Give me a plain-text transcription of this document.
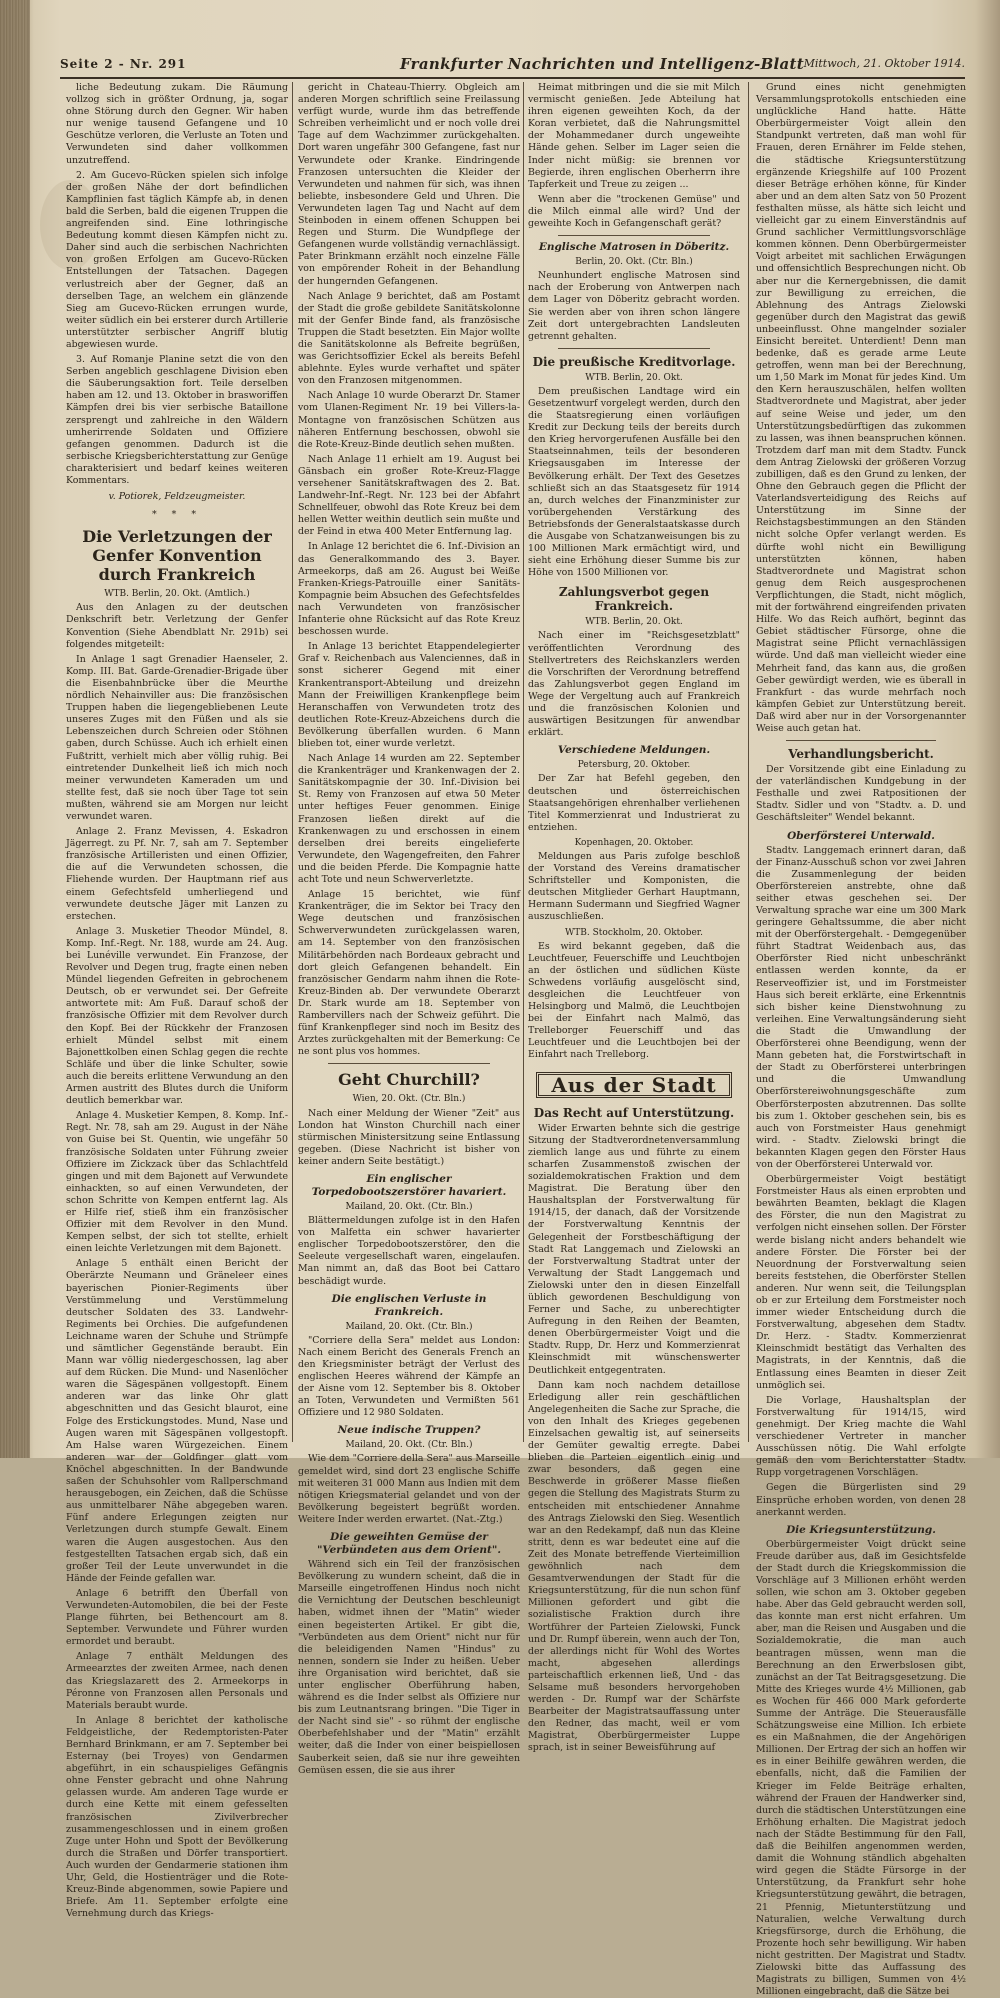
Seite 2 - Nr. 291	Frankfurter Nachrichten und Intelligenz-Blatt Mittwoch, 21. Oktober 1914.

liche Bedeutung zukam. Die Räumung vollzog sich in größter Ordnung, ja, sogar ohne Störung durch den Gegner. Wir haben nur wenige tausend Gefangene und 10 Geschütze verloren, die Verluste an Toten und Verwundeten sind daher vollkommen unzutreffend.

2. Am Gucevo-Rücken spielen sich infolge der großen Nähe der dort befindlichen Kampflinien fast täglich Kämpfe ab, in denen bald die Serben, bald die eigenen Truppen die angreifenden sind. Eine lothringische Bedeutung kommt diesen Kämpfen nicht zu. Daher sind auch die serbischen Nachrichten von großen Erfolgen am Gucevo-Rücken Entstellungen der Tatsachen. Dagegen verlustreich aber der Gegner, daß an derselben Tage, an welchem ein glänzende Sieg am Gucevo-Rücken errungen wurde, weiter südlich ein bei ersterer durch Artillerie unterstützter serbischer Angriff blutig abgewiesen wurde.

3. Auf Romanje Planine setzt die von den Serben angeblich geschlagene Division eben die Säuberungsaktion fort. Teile derselben haben am 12. und 13. Oktober in brasworiffen Kämpfen drei bis vier serbische Bataillone zersprengt und zahlreiche in den Wäldern umherirrende Soldaten und Offiziere gefangen genommen. Dadurch ist die serbische Kriegsberichterstattung zur Genüge charakterisiert und bedarf keines weiteren Kommentars.

v. Potiorek, Feldzeugmeister.

* * *

Die Verletzungen der Genfer Konvention durch Frankreich

WTB. Berlin, 20. Okt. (Amtlich.)

Aus den Anlagen zu der deutschen Denkschrift betr. Verletzung der Genfer Konvention (Siehe Abendblatt Nr. 291b) sei folgendes mitgeteilt:

In Anlage 1 sagt Grenadier Haenseler, 2. Komp. III. Bat. Garde-Grenadier-Brigade über die Eisenbahnbrücke über die Meurthe nördlich Nehainviller aus: Die französischen Truppen haben die liegengebliebenen Leute unseres Zuges mit den Füßen und als sie Lebenszeichen durch Schreien oder Stöhnen gaben, durch Schüsse. Auch ich erhielt einen Fußtritt, verhielt mich aber völlig ruhig. Bei eintretender Dunkelheit ließ ich mich noch meiner verwundeten Kameraden um und stellte fest, daß sie noch über Tage tot sein mußten, während sie am Morgen nur leicht verwundet waren.

Anlage 2. Franz Mevissen, 4. Eskadron Jägerregt. zu Pf. Nr. 7, sah am 7. September französische Artilleristen und einen Offizier, die auf die Verwundeten schossen, die Fliehende wurden. Der Hauptmann rief aus einem Gefechtsfeld umherliegend und verwundete deutsche Jäger mit Lanzen zu erstechen.

Anlage 3. Musketier Theodor Mündel, 8. Komp. Inf.-Regt. Nr. 188, wurde am 24. Aug. bei Lunéville verwundet. Ein Franzose, der Revolver und Degen trug, fragte einen neben Mündel liegenden Gefreiten in gebrochenem Deutsch, ob er verwundet sei. Der Gefreite antwortete mit: Am Fuß. Darauf schoß der französische Offizier mit dem Revolver durch den Kopf. Bei der Rückkehr der Franzosen erhielt Mündel selbst mit einem Bajonettkolben einen Schlag gegen die rechte Schläfe und über die linke Schulter, sowie auch die bereits erlittene Verwundung an den Armen austritt des Blutes durch die Uniform deutlich bemerkbar war.

Anlage 4. Musketier Kempen, 8. Komp. Inf.-Regt. Nr. 78, sah am 29. August in der Nähe von Guise bei St. Quentin, wie ungefähr 50 französische Soldaten unter Führung zweier Offiziere im Zickzack über das Schlachtfeld gingen und mit dem Bajonett auf Verwundete einhackten, so auf einen Verwundeten, der schon Schritte von Kempen entfernt lag. Als er Hilfe rief, stieß ihm ein französischer Offizier mit dem Revolver in den Mund. Kempen selbst, der sich tot stellte, erhielt einen leichte Verletzungen mit dem Bajonett.

Anlage 5 enthält einen Bericht der Oberärzte Neumann und Gräneleer eines bayerischen Pionier-Regiments über Verstümmelung und Verstümmelung deutscher Soldaten des 33. Landwehr-Regiments bei Orchies. Die aufgefundenen Leichname waren der Schuhe und Strümpfe und sämtlicher Gegenstände beraubt. Ein Mann war völlig niedergeschossen, lag aber auf dem Rücken. Die Mund- und Nasenlöcher waren die Sägespänen vollgestopft. Einem anderen war das linke Ohr glatt abgeschnitten und das Gesicht blaurot, eine Folge des Erstickungstodes. Mund, Nase und Augen waren mit Sägespänen vollgestopft. Am Halse waren Würgezeichen. Einem anderen war der Goldfinger glatt vom Knöchel abgeschnitten. In der Bandwunde saßen der Schuhsohler vom Rallperschmand herausgebogen, ein Zeichen, daß die Schüsse aus unmittelbarer Nähe abgegeben waren. Fünf andere Erlegungen zeigten nur Verletzungen durch stumpfe Gewalt. Einem waren die Augen ausgestochen. Aus den festgestellten Tatsachen ergab sich, daß ein großer Teil der Leute unverwundet in die Hände der Feinde gefallen war.

Anlage 6 betrifft den Überfall von Verwundeten-Automobilen, die bei der Feste Plange führten, bei Bethencourt am 8. September. Verwundete und Führer wurden ermordet und beraubt.

Anlage 7 enthält Meldungen des Armeearztes der zweiten Armee, nach denen das Kriegslazarett des 2. Armeekorps in Péronne von Franzosen allen Personals und Materials beraubt wurde.

In Anlage 8 berichtet der katholische Feldgeistliche, der Redemptoristen-Pater Bernhard Brinkmann, er am 7. September bei Esternay (bei Troyes) von Gendarmen abgeführt, in ein schauspieliges Gefängnis ohne Fenster gebracht und ohne Nahrung gelassen wurde. Am anderen Tage wurde er durch eine Kette mit einem gefesselten französischen Zivilverbrecher zusammengeschlossen und in einem großen Zuge unter Hohn und Spott der Bevölkerung durch die Straßen und Dörfer transportiert. Auch wurden der Gendarmerie stationen ihm Uhr, Geld, die Hostienträger und die Rote-Kreuz-Binde abgenommen, sowie Papiere und Briefe. Am 11. September erfolgte eine Vernehmung durch das Kriegs-

gericht in Chateau-Thierry. Obgleich am anderen Morgen schriftlich seine Freilassung verfügt wurde, wurde ihm das betreffende Schreiben verheimlicht und er noch volle drei Tage auf dem Wachzimmer zurückgehalten. Dort waren ungefähr 300 Gefangene, fast nur Verwundete oder Kranke. Eindringende Franzosen untersuchten die Kleider der Verwundeten und nahmen für sich, was ihnen beliebte, insbesondere Geld und Uhren. Die Verwundeten lagen Tag und Nacht auf dem Steinboden in einem offenen Schuppen bei Regen und Sturm. Die Wundpflege der Gefangenen wurde vollständig vernachlässigt. Pater Brinkmann erzählt noch einzelne Fälle von empörender Roheit in der Behandlung der hungernden Gefangenen.

Nach Anlage 9 berichtet, daß am Postamt der Stadt die große gebildete Sanitätskolonne mit der Genfer Binde fand, als französische Truppen die Stadt besetzten. Ein Major wollte die Sanitätskolonne als Befreite begrüßen, was Gerichtsoffizier Eckel als bereits Befehl ablehnte. Eyles wurde verhaftet und später von den Franzosen mitgenommen.

Nach Anlage 10 wurde Oberarzt Dr. Stamer vom Ulanen-Regiment Nr. 19 bei Villers-la-Montagne von französischen Schützen aus näheren Entfernung beschossen, obwohl sie die Rote-Kreuz-Binde deutlich sehen mußten.

Nach Anlage 11 erhielt am 19. August bei Gänsbach ein großer Rote-Kreuz-Flagge versehener Sanitätskraftwagen des 2. Bat. Landwehr-Inf.-Regt. Nr. 123 bei der Abfahrt Schnellfeuer, obwohl das Rote Kreuz bei dem hellen Wetter weithin deutlich sein mußte und der Feind in etwa 400 Meter Entfernung lag.

In Anlage 12 berichtet die 6. Inf.-Division an das Generalkommando des 3. Bayer. Armeekorps, daß am 26. August bei Weiße Franken-Kriegs-Patrouille einer Sanitäts-Kompagnie beim Absuchen des Gefechtsfeldes nach Verwundeten von französischer Infanterie ohne Rücksicht auf das Rote Kreuz beschossen wurde.

In Anlage 13 berichtet Etappendelegierter Graf v. Reichenbach aus Valenciennes, daß in sonst sicherer Gegend mit einer Krankentransport-Abteilung und dreizehn Mann der Freiwilligen Krankenpflege beim Heranschaffen von Verwundeten trotz des deutlichen Rote-Kreuz-Abzeichens durch die Bevölkerung überfallen wurden. 6 Mann blieben tot, einer wurde verletzt.

Nach Anlage 14 wurden am 22. September die Krankenträger und Krankenwagen der 2. Sanitätskompagnie der 30. Inf.-Division bei St. Remy von Franzosen auf etwa 50 Meter unter heftiges Feuer genommen. Einige Franzosen ließen direkt auf die Krankenwagen zu und erschossen in einem derselben drei bereits eingelieferte Verwundete, den Wagengefreiten, den Fahrer und die beiden Pferde. Die Kompagnie hatte acht Tote und neun Schwerverletzte.

Anlage 15 berichtet, wie fünf Krankenträger, die im Sektor bei Tracy den Wege deutschen und französischen Schwerverwundeten zurückgelassen waren, am 14. September von den französischen Militärbehörden nach Bordeaux gebracht und dort gleich Gefangenen behandelt. Ein französischer Gendarm nahm ihnen die Rote-Kreuz-Binden ab. Der verwundete Oberarzt Dr. Stark wurde am 18. September von Rambervillers nach der Schweiz geführt. Die fünf Krankenpfleger sind noch im Besitz des Arztes zurückgehalten mit der Bemerkung: Ce ne sont plus vos hommes.

Geht Churchill?

Wien, 20. Okt. (Ctr. Bln.)

Nach einer Meldung der Wiener "Zeit" aus London hat Winston Churchill nach einer stürmischen Ministersitzung seine Entlassung gegeben. (Diese Nachricht ist bisher von keiner andern Seite bestätigt.)

Ein englischer Torpedobootszerstörer havariert.

Mailand, 20. Okt. (Ctr. Bln.)

Blättermeldungen zufolge ist in den Hafen von Malfetta ein schwer havarierter englischer Torpedobootszerstörer, den die Seeleute vergesellschaft waren, eingelaufen. Man nimmt an, daß das Boot bei Cattaro beschädigt wurde.

Die englischen Verluste in Frankreich.

Mailand, 20. Okt. (Ctr. Bln.)

"Corriere della Sera" meldet aus London: Nach einem Bericht des Generals French an den Kriegsminister beträgt der Verlust des englischen Heeres während der Kämpfe an der Aisne vom 12. September bis 8. Oktober an Toten, Verwundeten und Vermißten 561 Offiziere und 12 980 Soldaten.

Neue indische Truppen?

Mailand, 20. Okt. (Ctr. Bln.)

Wie dem "Corriere della Sera" aus Marseille gemeldet wird, sind dort 23 englische Schiffe mit weiteren 31 000 Mann aus Indien mit dem nötigen Kriegsmaterial gelandet und von der Bevölkerung begeistert begrüßt worden. Weitere Inder werden erwartet. (Nat.-Ztg.)

Die geweihten Gemüse der "Verbündeten aus dem Orient".

Während sich ein Teil der französischen Bevölkerung zu wundern scheint, daß die in Marseille eingetroffenen Hindus noch nicht die Vernichtung der Deutschen beschleunigt haben, widmet ihnen der "Matin" wieder einen begeisterten Artikel. Er gibt die, "Verbündeten aus dem Orient" nicht nur für die beleidigenden Namen "Hindus" zu nennen, sondern sie Inder zu heißen. Ueber ihre Organisation wird berichtet, daß sie unter englischer Oberführung haben, während es die Inder selbst als Offiziere nur bis zum Leutnantsrang bringen. "Die Tiger in der Nacht sind sie" - so rühmt der englische Oberbefehlshaber und der "Matin" erzählt weiter, daß die Inder von einer beispiellosen Sauberkeit seien, daß sie nur ihre geweihten Gemüsen essen, die sie aus ihrer

Heimat mitbringen und die sie mit Milch vermischt genießen. Jede Abteilung hat ihren eigenen geweihten Koch, da der Koran verbietet, daß die Nahrungsmittel der Mohammedaner durch ungeweihte Hände gehen. Selber im Lager seien die Inder nicht müßig: sie brennen vor Begierde, ihren englischen Oberherrn ihre Tapferkeit und Treue zu zeigen ...

Wenn aber die "trockenen Gemüse" und die Milch einmal alle wird? Und der geweihte Koch in Gefangenschaft gerät?

Englische Matrosen in Döberitz.

Berlin, 20. Okt. (Ctr. Bln.)

Neunhundert englische Matrosen sind nach der Eroberung von Antwerpen nach dem Lager von Döberitz gebracht worden. Sie werden aber von ihren schon längere Zeit dort untergebrachten Landsleuten getrennt gehalten.

Die preußische Kreditvorlage.

WTB. Berlin, 20. Okt.

Dem preußischen Landtage wird ein Gesetzentwurf vorgelegt werden, durch den die Staatsregierung einen vorläufigen Kredit zur Deckung teils der bereits durch den Krieg hervorgerufenen Ausfälle bei den Staatseinnahmen, teils der besonderen Kriegsausgaben im Interesse der Bevölkerung erhält. Der Text des Gesetzes schließt sich an das Staatsgesetz für 1914 an, durch welches der Finanzminister zur vorübergehenden Verstärkung des Betriebsfonds der Generalstaatskasse durch die Ausgabe von Schatzanweisungen bis zu 100 Millionen Mark ermächtigt wird, und sieht eine Erhöhung dieser Summe bis zur Höhe von 1500 Millionen vor.

Zahlungsverbot gegen Frankreich.

WTB. Berlin, 20. Okt.

Nach einer im "Reichsgesetzblatt" veröffentlichten Verordnung des Stellvertreters des Reichskanzlers werden die Vorschriften der Verordnung betreffend das Zahlungsverbot gegen England im Wege der Vergeltung auch auf Frankreich und die französischen Kolonien und auswärtigen Besitzungen für anwendbar erklärt.

Verschiedene Meldungen.

Petersburg, 20. Oktober.

Der Zar hat Befehl gegeben, den deutschen und österreichischen Staatsangehörigen ehrenhalber verliehenen Titel Kommerzienrat und Industrierat zu entziehen.

Kopenhagen, 20. Oktober.

Meldungen aus Paris zufolge beschloß der Vorstand des Vereins dramatischer Schriftsteller und Komponisten, die deutschen Mitglieder Gerhart Hauptmann, Hermann Sudermann und Siegfried Wagner auszuschließen.

WTB. Stockholm, 20. Oktober.

Es wird bekannt gegeben, daß die Leuchtfeuer, Feuerschiffe und Leuchtbojen an der östlichen und südlichen Küste Schwedens vorläufig ausgelöscht sind, desgleichen die Leuchtfeuer von Helsingborg und Malmö, die Leuchtbojen bei der Einfahrt nach Malmö, das Trelleborger Feuerschiff und das Leuchtfeuer und die Leuchtbojen bei der Einfahrt nach Trelleborg.

Aus der Stadt
Das Recht auf Unterstützung.

Wider Erwarten behnte sich die gestrige Sitzung der Stadtverordnetenversammlung ziemlich lange aus und führte zu einem scharfen Zusammenstoß zwischen der sozialdemokratischen Fraktion und dem Magistrat. Die Beratung über den Haushaltsplan der Forstverwaltung für 1914/15, der danach, daß der Vorsitzende der Forstverwaltung Kenntnis der Gelegenheit der Forstbeschäftigung der Stadt Rat Langgemach und Zielowski an der Forstverwaltung Stadtrat unter der Verwaltung der Stadt Langgemach und Zielowski unter den in diesen Einzelfall üblich gewordenen Beschuldigung von Ferner und Sache, zu unberechtigter Aufregung in den Reihen der Beamten, denen Oberbürgermeister Voigt und die Stadtv. Rupp, Dr. Herz und Kommerzienrat Kleinschmidt mit wünschenswerter Deutlichkeit entgegentraten.

Dann kam noch nachdem detaillose Erledigung aller rein geschäftlichen Angelegenheiten die Sache zur Sprache, die von den Inhalt des Krieges gegebenen Einzelsachen gewaltig ist, auf seinerseits der Gemüter gewaltig erregte. Dabei blieben die Parteien eigentlich einig und zwar besonders, daß gegen eine Beschwerde in größerer Masse fließen gegen die Stellung des Magistrats Sturm zu entscheiden mit entschiedener Annahme des Antrags Zielowski den Sieg. Wesentlich war an den Redekampf, daß nun das Kleine stritt, denn es war bedeutet eine auf die Zeit des Monate betreffende Vierteimillion gewöhnlich nach dem Gesamtverwendungen der Stadt für die Kriegsunterstützung, für die nun schon fünf Millionen gefordert und gibt die sozialistische Fraktion durch ihre Wortführer der Parteien Zielowski, Funck und Dr. Rumpf überein, wenn auch der Ton, der allerdings nicht für Wohl des Wortes macht, abgesehen allerdings parteischaftlich erkennen ließ, Und - das Selsame muß besonders hervorgehoben werden - Dr. Rumpf war der Schärfste Bearbeiter der Magistratsauffassung unter den Redner, das macht, weil er vom Magistrat, Oberbürgermeister Luppe sprach, ist in seiner Beweisführung auf

Grund eines nicht genehmigten Versammlungsprotokolls entschieden eine unglückliche Hand hatte. Hätte Oberbürgermeister Voigt allein den Standpunkt vertreten, daß man wohl für Frauen, deren Ernährer im Felde stehen, die städtische Kriegsunterstützung ergänzende Kriegshilfe auf 100 Prozent dieser Beträge erhöhen könne, für Kinder aber und an dem alten Satz von 50 Prozent festhalten müsse, als hätte sich leicht und vielleicht gar zu einem Einverständnis auf Grund sachlicher Vermittlungsvorschläge kommen können. Denn Oberbürgermeister Voigt arbeitet mit sachlichen Erwägungen und offensichtlich Besprechungen nicht. Ob aber nur die Kernergebnissen, die damit zur Bewilligung zu erreichen, die Ablehnung des Antrags Zielowski gegenüber durch den Magistrat das gewiß unbeeinflusst. Ohne mangelnder sozialer Einsicht bereitet. Unterdient! Denn man bedenke, daß es gerade arme Leute getroffen, wenn man bei der Berechnung, um 1,50 Mark im Monat für jedes Kind. Um den Kern herauszuschälen, helfen wollten Stadtverordnete und Magistrat, aber jeder auf seine Weise und jeder, um den Unterstützungsbedürftigen das zukommen zu lassen, was ihnen beanspruchen können. Trotzdem darf man mit dem Stadtv. Funck dem Antrag Zielowski der größeren Vorzug zubilligen, daß es den Grund zu lenken, der Ohne den Gebrauch gegen die Pflicht der Vaterlandsverteidigung des Reichs auf Unterstützung im Sinne der Reichstagsbestimmungen an den Ständen nicht solche Opfer verlangt werden. Es dürfte wohl nicht ein Bewilligung unterstützten können, haben Stadtverordnete und Magistrat schon genug dem Reich ausgesprochenen Verpflichtungen, die Stadt, nicht möglich, mit der fortwährend eingreifenden privaten Hilfe. Wo das Reich aufhört, beginnt das Gebiet städtischer Fürsorge, ohne die Magistrat seine Pflicht vernachlässigen würde. Und daß man vielleicht wieder eine Mehrheit fand, das kann aus, die großen Geber gewürdigt werden, wie es überall in Frankfurt - das wurde mehrfach noch kämpfen Gebiet zur Unterstützung bereit. Daß wird aber nur in der Vorsorgenannter Weise auch getan hat.

Verhandlungsbericht.

Der Vorsitzende gibt eine Einladung zu der vaterländischen Kundgebung in der Festhalle und zwei Ratpositionen der Stadtv. Sidler und von "Stadtv. a. D. und Geschäftsleiter" Wendel bekannt.

Oberförsterei Unterwald.

Stadtv. Langgemach erinnert daran, daß der Finanz-Ausschuß schon vor zwei Jahren die Zusammenlegung der beiden Oberförstereien anstrebte, ohne daß seither etwas geschehen sei. Der Verwaltung sprache war eine um 300 Mark geringere Gehaltssumme, die aber nicht mit der Oberförstergehalt. - Demgegenüber führt Stadtrat Weidenbach aus, das Oberförster Ried nicht unbeschränkt entlassen werden konnte, da er Reserveoffizier ist, und im Forstmeister Haus sich bereit erklärte, eine Erkenntnis sich bisher keine Dienstwohnung zu verleihen. Eine Verwaltungsänderung sieht die Stadt die Umwandlung der Oberförsterei ohne Beendigung, wenn der Mann gebeten hat, die Forstwirtschaft in der Stadt zu Oberförsterei unterbringen und die Umwandlung Oberförstereiwohnungsgeschäfte zum Oberförsterposten abzutrennen. Das sollte bis zum 1. Oktober geschehen sein, bis es auch von Forstmeister Haus genehmigt wird. - Stadtv. Zielowski bringt die bekannten Klagen gegen den Förster Haus von der Oberförsterei Unterwald vor.

Oberbürgermeister Voigt bestätigt Forstmeister Haus als einen erprobten und bewährten Beamten, beklagt die Klagen des Förster, die nun den Magistrat zu verfolgen nicht einsehen sollen. Der Förster werde bislang nicht anders behandelt wie andere Förster. Die Förster bei der Neuordnung der Forstverwaltung seien bereits feststehen, die Oberförster Stellen anderen. Nur wenn seit, die Teilungsplan ob er zur Erteilung dem Forstmeister noch immer wieder Entscheidung durch die Forstverwaltung, abgesehen dem Stadtv. Dr. Herz. - Stadtv. Kommerzienrat Kleinschmidt bestätigt das Verhalten des Magistrats, in der Kenntnis, daß die Entlassung eines Beamten in dieser Zeit unmöglich sei.

Die Vorlage, Haushaltsplan der Forstverwaltung für 1914/15, wird genehmigt. Der Krieg machte die Wahl verschiedener Vertreter in mancher Ausschüssen nötig. Die Wahl erfolgte gemäß den vom Berichterstatter Stadtv. Rupp vorgetragenen Vorschlägen.

Gegen die Bürgerlisten sind 29 Einsprüche erhoben worden, von denen 28 anerkannt werden.

Die Kriegsunterstützung.

Oberbürgermeister Voigt drückt seine Freude darüber aus, daß im Gesichtsfelde der Stadt durch die Kriegskommission die Vorschläge auf 3 Millionen erhöht werden sollen, wie schon am 3. Oktober gegeben habe. Aber das Geld gebraucht werden soll, das konnte man erst nicht erfahren. Um aber, man die Reisen und Ausgaben und die Sozialdemokratie, die man auch beantragen müssen, wenn man die Berechnung an den Erwerbslosen gibt, zunächst an der Tat Beitragsgesetzung. Die Mitte des Krieges wurde 4½ Millionen, gab es Wochen für 466 000 Mark geforderte Summe der Anträge. Die Steuerausfälle Schätzungsweise eine Million. Ich erbiete es ein Maßnahmen, die der Angehörigen Millionen. Der Ertrag der sich an hoffen wir es in einer Beihilfe gewähren werden, die ebenfalls, nicht, daß die Familien der Krieger im Felde Beiträge erhalten, während der Frauen der Handwerker sind, durch die städtischen Unterstützungen eine Erhöhung erhalten. Die Magistrat jedoch nach der Städte Bestimmung für den Fall, daß die Beihilfen angenommen werden, damit die Wohnung ständlich abgehalten wird gegen die Städte Fürsorge in der Unterstützung, da Frankfurt sehr hohe Kriegsunterstützung gewährt, die betragen, 21 Pfennig, Mietunterstützung und Naturalien, welche Verwaltung durch Kriegsfürsorge, durch die Erhöhung, die Prozente hoch sehr bewilligung. Wir haben nicht gestritten. Der Magistrat und Stadtv. Zielowski bitte das Auffassung des Magistrats zu billigen, Summen von 4½ Millionen eingebracht, daß die Sätze bei
